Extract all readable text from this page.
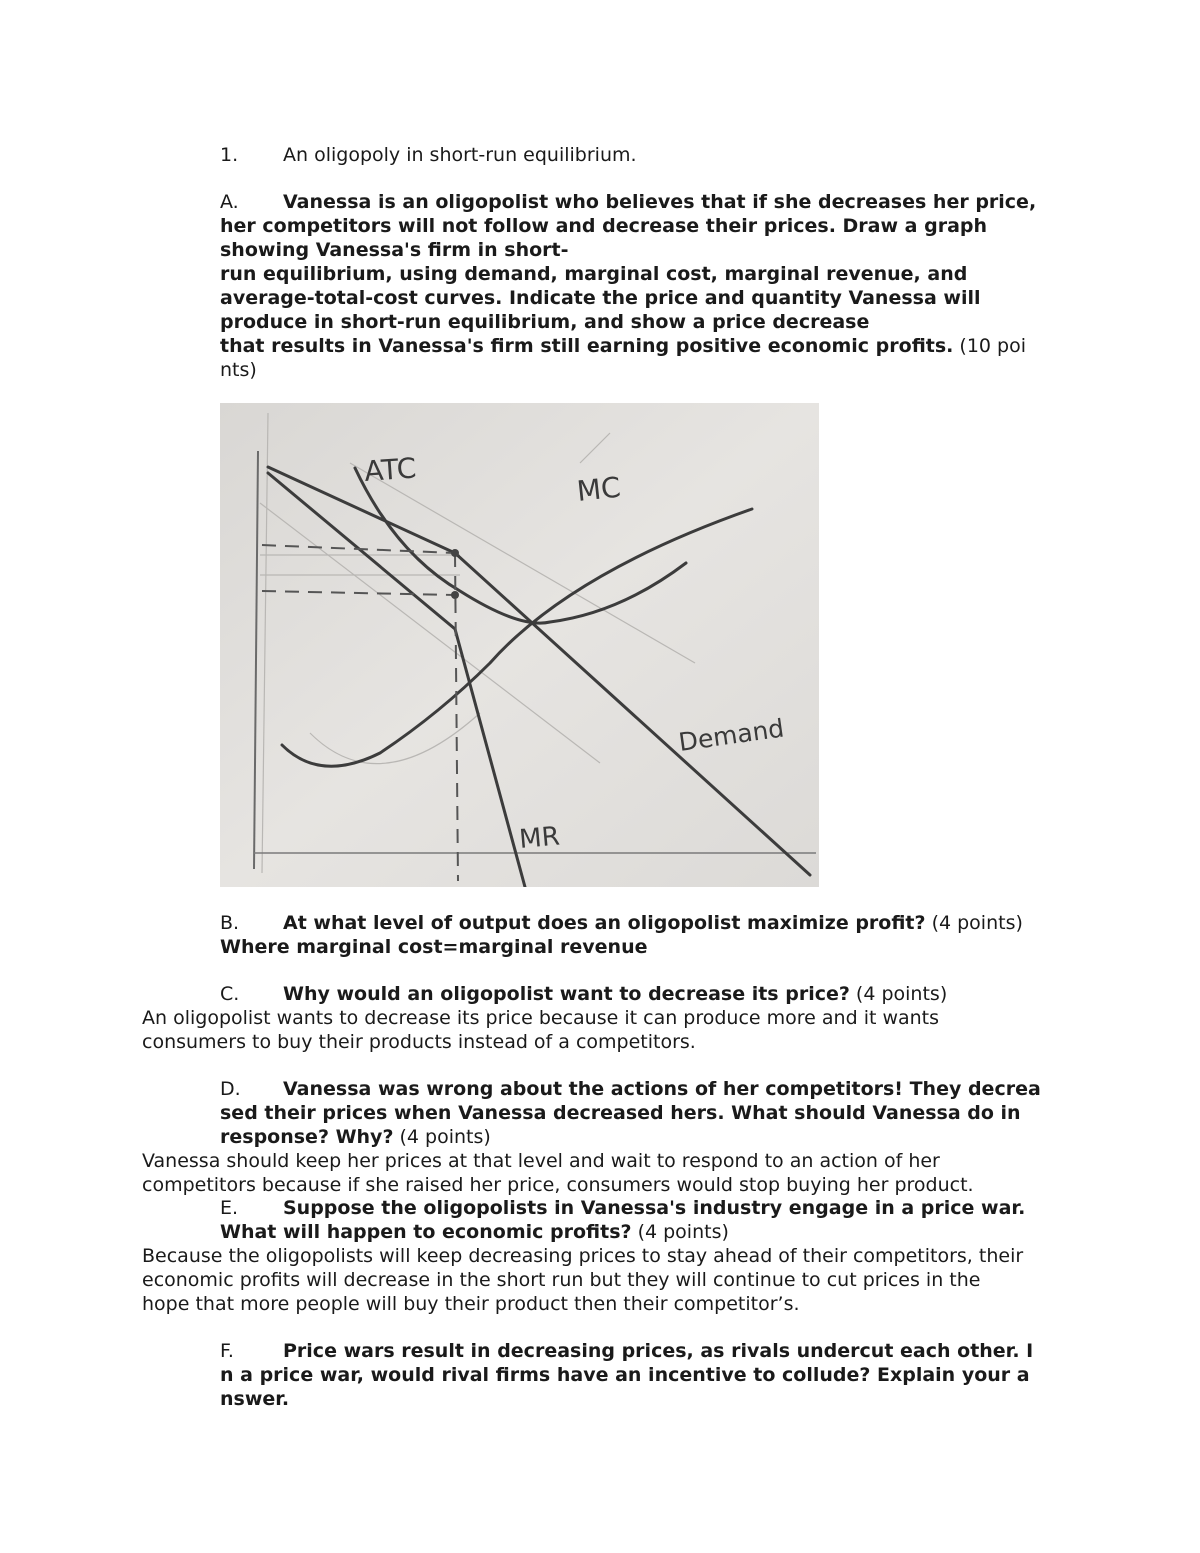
1.	An oligopoly in short-run equilibrium.
A.	Vanessa is an oligopolist who believes that if she decreases her price,
her competitors will not follow and decrease their prices. Draw a graph
showing Vanessa's firm in short-
run equilibrium, using demand, marginal cost, marginal revenue, and
average-total-cost curves. Indicate the price and quantity Vanessa will
produce in short-run equilibrium, and show a price decrease
that results in Vanessa's firm still earning positive economic profits. (10 poi
nts)
ATC
MC
Demand
MR
B.	At what level of output does an oligopolist maximize profit? (4 points)
Where marginal cost=marginal revenue
C.	Why would an oligopolist want to decrease its price? (4 points)
An oligopolist wants to decrease its price because it can produce more and it wants
consumers to buy their products instead of a competitors.
D.	Vanessa was wrong about the actions of her competitors! They decrea
sed their prices when Vanessa decreased hers. What should Vanessa do in
response? Why? (4 points)
Vanessa should keep her prices at that level and wait to respond to an action of her
competitors because if she raised her price, consumers would stop buying her product.
E.	Suppose the oligopolists in Vanessa's industry engage in a price war.
What will happen to economic profits? (4 points)
Because the oligopolists will keep decreasing prices to stay ahead of their competitors, their
economic profits will decrease in the short run but they will continue to cut prices in the
hope that more people will buy their product then their competitor’s.
F.	Price wars result in decreasing prices, as rivals undercut each other. I
n a price war, would rival firms have an incentive to collude? Explain your a
nswer.
